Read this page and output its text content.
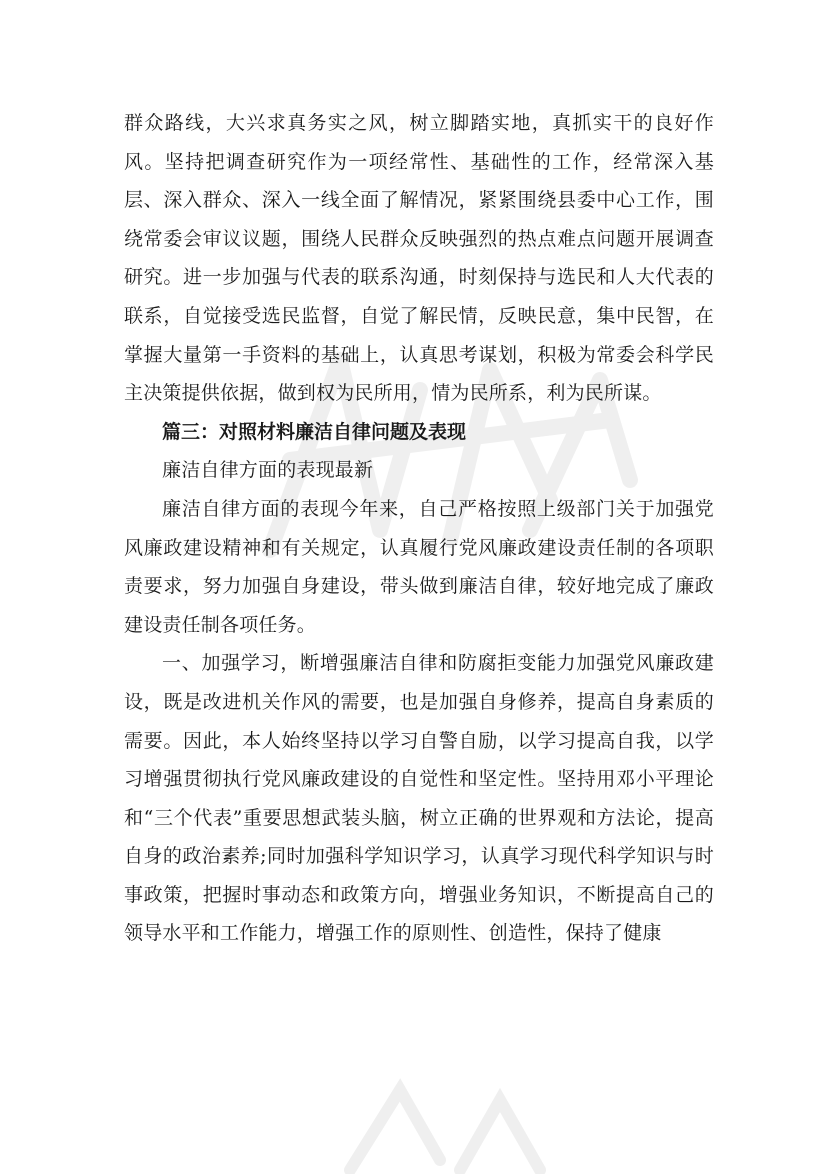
群众路线，大兴求真务实之风，树立脚踏实地，真抓实干的良好作风。坚持把调查研究作为一项经常性、基础性的工作，经常深入基层、深入群众、深入一线全面了解情况，紧紧围绕县委中心工作，围绕常委会审议议题，围绕人民群众反映强烈的热点难点问题开展调查研究。进一步加强与代表的联系沟通，时刻保持与选民和人大代表的联系，自觉接受选民监督，自觉了解民情，反映民意，集中民智，在掌握大量第一手资料的基础上，认真思考谋划，积极为常委会科学民主决策提供依据，做到权为民所用，情为民所系，利为民所谋。

篇三：对照材料廉洁自律问题及表现

廉洁自律方面的表现最新

廉洁自律方面的表现今年来，自己严格按照上级部门关于加强党风廉政建设精神和有关规定，认真履行党风廉政建设责任制的各项职责要求，努力加强自身建设，带头做到廉洁自律，较好地完成了廉政建设责任制各项任务。

一、加强学习，断增强廉洁自律和防腐拒变能力加强党风廉政建设，既是改进机关作风的需要，也是加强自身修养，提高自身素质的需要。因此，本人始终坚持以学习自警自励，以学习提高自我，以学习增强贯彻执行党风廉政建设的自觉性和坚定性。坚持用邓小平理论和“三个代表”重要思想武装头脑，树立正确的世界观和方法论，提高自身的政治素养;同时加强科学知识学习，认真学习现代科学知识与时事政策，把握时事动态和政策方向，增强业务知识，不断提高自己的领导水平和工作能力，增强工作的原则性、创造性，保持了健康
